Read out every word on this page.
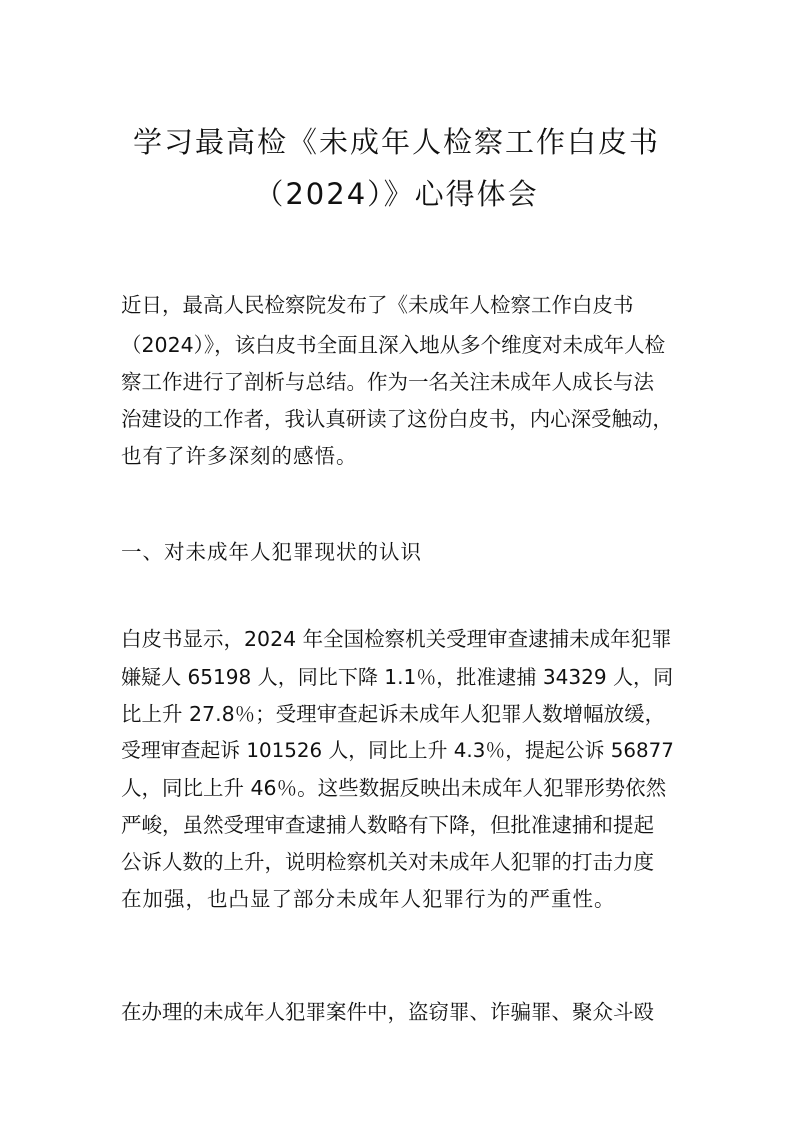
学习最高检《未成年人检察工作白皮书
（2024）》心得体会
近日，最高人民检察院发布了《未成年人检察工作白皮书
（2024）》，该白皮书全面且深入地从多个维度对未成年人检
察工作进行了剖析与总结。作为一名关注未成年人成长与法
治建设的工作者，我认真研读了这份白皮书，内心深受触动，
也有了许多深刻的感悟。
一、对未成年人犯罪现状的认识
白皮书显示，2024 年全国检察机关受理审查逮捕未成年犯罪
嫌疑人 65198 人，同比下降 1.1％，批准逮捕 34329 人，同
比上升 27.8％；受理审查起诉未成年人犯罪人数增幅放缓，
受理审查起诉 101526 人，同比上升 4.3％，提起公诉 56877
人，同比上升 46％。这些数据反映出未成年人犯罪形势依然
严峻，虽然受理审查逮捕人数略有下降，但批准逮捕和提起
公诉人数的上升，说明检察机关对未成年人犯罪的打击力度
在加强，也凸显了部分未成年人犯罪行为的严重性。
在办理的未成年人犯罪案件中，盗窃罪、诈骗罪、聚众斗殴
